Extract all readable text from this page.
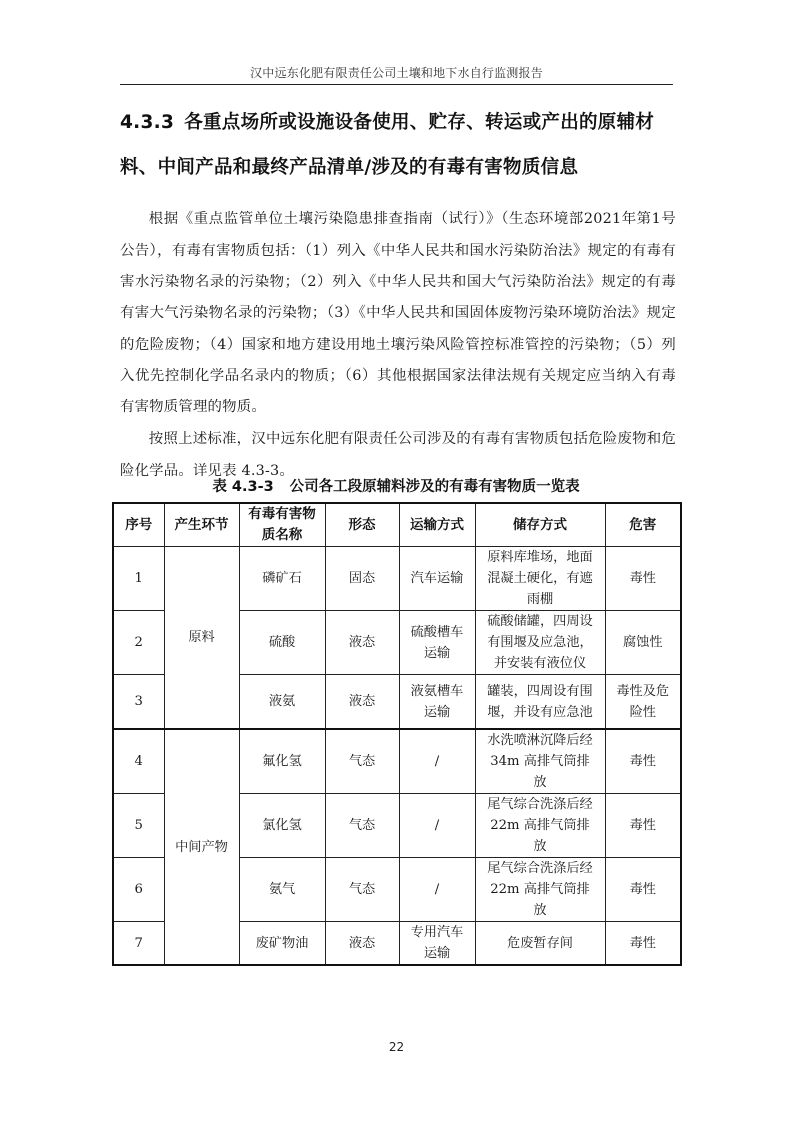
汉中远东化肥有限责任公司土壤和地下水自行监测报告
4.3.3 各重点场所或设施设备使用、贮存、转运或产出的原辅材料、中间产品和最终产品清单/涉及的有毒有害物质信息

根据《重点监管单位土壤污染隐患排查指南（试行）》（生态环境部2021年第1号公告），有毒有害物质包括：（1）列入《中华人民共和国水污染防治法》规定的有毒有害水污染物名录的污染物；（2）列入《中华人民共和国大气污染防治法》规定的有毒有害大气污染物名录的污染物；（3）《中华人民共和国固体废物污染环境防治法》规定的危险废物；（4）国家和地方建设用地土壤污染风险管控标准管控的污染物；（5）列入优先控制化学品名录内的物质；（6）其他根据国家法律法规有关规定应当纳入有毒有害物质管理的物质。

按照上述标准，汉中远东化肥有限责任公司涉及的有毒有害物质包括危险废物和危险化学品。详见表 4.3-3。

表 4.3-3 公司各工段原辅料涉及的有毒有害物质一览表
序号	产生环节	有毒有害物质名称	形态	运输方式	储存方式	危害
1	原料	磷矿石	固态	汽车运输	原料库堆场，地面混凝土硬化，有遮雨棚	毒性
2		硫酸	液态	硫酸槽车运输	硫酸储罐，四周设有围堰及应急池，并安装有液位仪	腐蚀性
3		液氨	液态	液氨槽车运输	罐装，四周设有围堰，并设有应急池	毒性及危险性
4	中间产物	氟化氢	气态	/	水洗喷淋沉降后经34m 高排气筒排放	毒性
5		氯化氢	气态	/	尾气综合洗涤后经22m 高排气筒排放	毒性
6		氨气	气态	/	尾气综合洗涤后经22m 高排气筒排放	毒性
7		废矿物油	液态	专用汽车运输	危废暂存间	毒性
22
